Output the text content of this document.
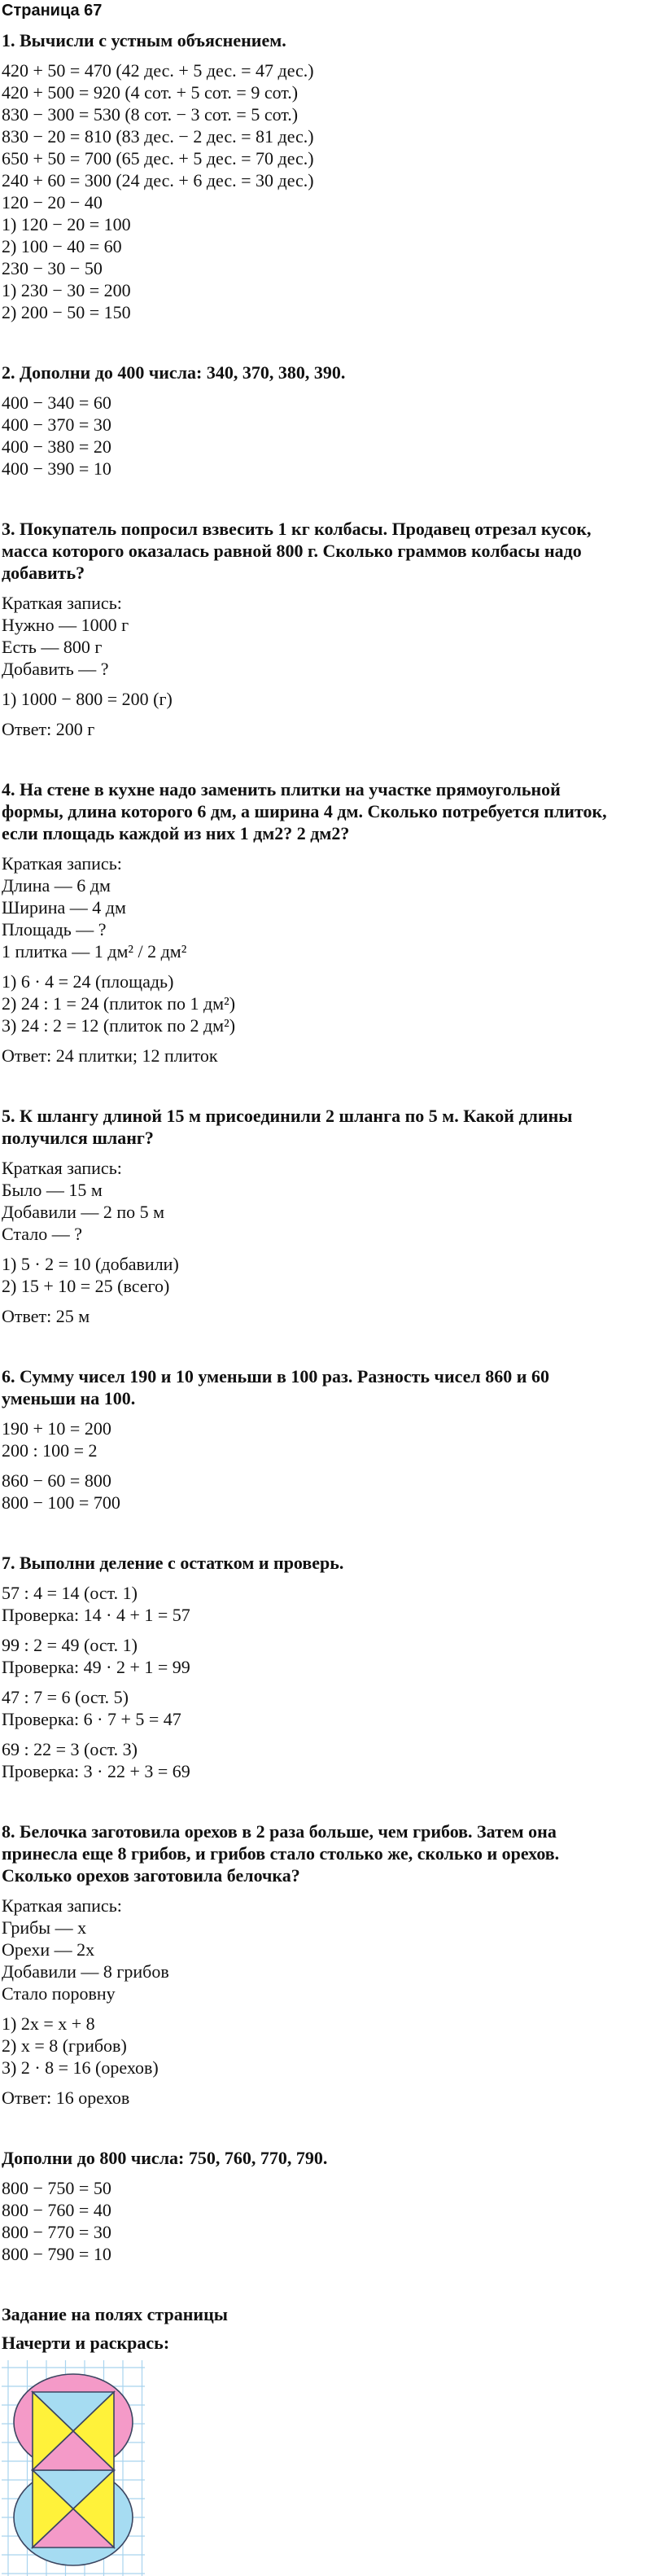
Страница 67
1. Вычисли с устным объяснением.
420 + 50 = 470 (42 дес. + 5 дес. = 47 дес.)
420 + 500 = 920 (4 сот. + 5 сот. = 9 сот.)
830 − 300 = 530 (8 сот. − 3 сот. = 5 сот.)
830 − 20 = 810 (83 дес. − 2 дес. = 81 дес.)
650 + 50 = 700 (65 дес. + 5 дес. = 70 дес.)
240 + 60 = 300 (24 дес. + 6 дес. = 30 дес.)
120 − 20 − 40
1) 120 − 20 = 100
2) 100 − 40 = 60
230 − 30 − 50
1) 230 − 30 = 200
2) 200 − 50 = 150
2. Дополни до 400 числа: 340, 370, 380, 390.
400 − 340 = 60
400 − 370 = 30
400 − 380 = 20
400 − 390 = 10
3. Покупатель попросил взвесить 1 кг колбасы. Продавец отрезал кусок,
масса которого оказалась равной 800 г. Сколько граммов колбасы надо
добавить?
Краткая запись:
Нужно — 1000 г
Есть — 800 г
Добавить — ?
1) 1000 − 800 = 200 (г)
Ответ: 200 г
4. На стене в кухне надо заменить плитки на участке прямоугольной
формы, длина которого 6 дм, а ширина 4 дм. Сколько потребуется плиток,
если площадь каждой из них 1 дм2? 2 дм2?
Краткая запись:
Длина — 6 дм
Ширина — 4 дм
Площадь — ?
1 плитка — 1 дм² / 2 дм²
1) 6 · 4 = 24 (площадь)
2) 24 : 1 = 24 (плиток по 1 дм²)
3) 24 : 2 = 12 (плиток по 2 дм²)
Ответ: 24 плитки; 12 плиток
5. К шлангу длиной 15 м присоединили 2 шланга по 5 м. Какой длины
получился шланг?
Краткая запись:
Было — 15 м
Добавили — 2 по 5 м
Стало — ?
1) 5 · 2 = 10 (добавили)
2) 15 + 10 = 25 (всего)
Ответ: 25 м
6. Сумму чисел 190 и 10 уменьши в 100 раз. Разность чисел 860 и 60
уменьши на 100.
190 + 10 = 200
200 : 100 = 2
860 − 60 = 800
800 − 100 = 700
7. Выполни деление с остатком и проверь.
57 : 4 = 14 (ост. 1)
Проверка: 14 · 4 + 1 = 57
99 : 2 = 49 (ост. 1)
Проверка: 49 · 2 + 1 = 99
47 : 7 = 6 (ост. 5)
Проверка: 6 · 7 + 5 = 47
69 : 22 = 3 (ост. 3)
Проверка: 3 · 22 + 3 = 69
8. Белочка заготовила орехов в 2 раза больше, чем грибов. Затем она
принесла еще 8 грибов, и грибов стало столько же, сколько и орехов.
Сколько орехов заготовила белочка?
Краткая запись:
Грибы — x
Орехи — 2x
Добавили — 8 грибов
Стало поровну
1) 2x = x + 8
2) x = 8 (грибов)
3) 2 · 8 = 16 (орехов)
Ответ: 16 орехов
Дополни до 800 числа: 750, 760, 770, 790.
800 − 750 = 50
800 − 760 = 40
800 − 770 = 30
800 − 790 = 10
Задание на полях страницы
Начерти и раскрась:
